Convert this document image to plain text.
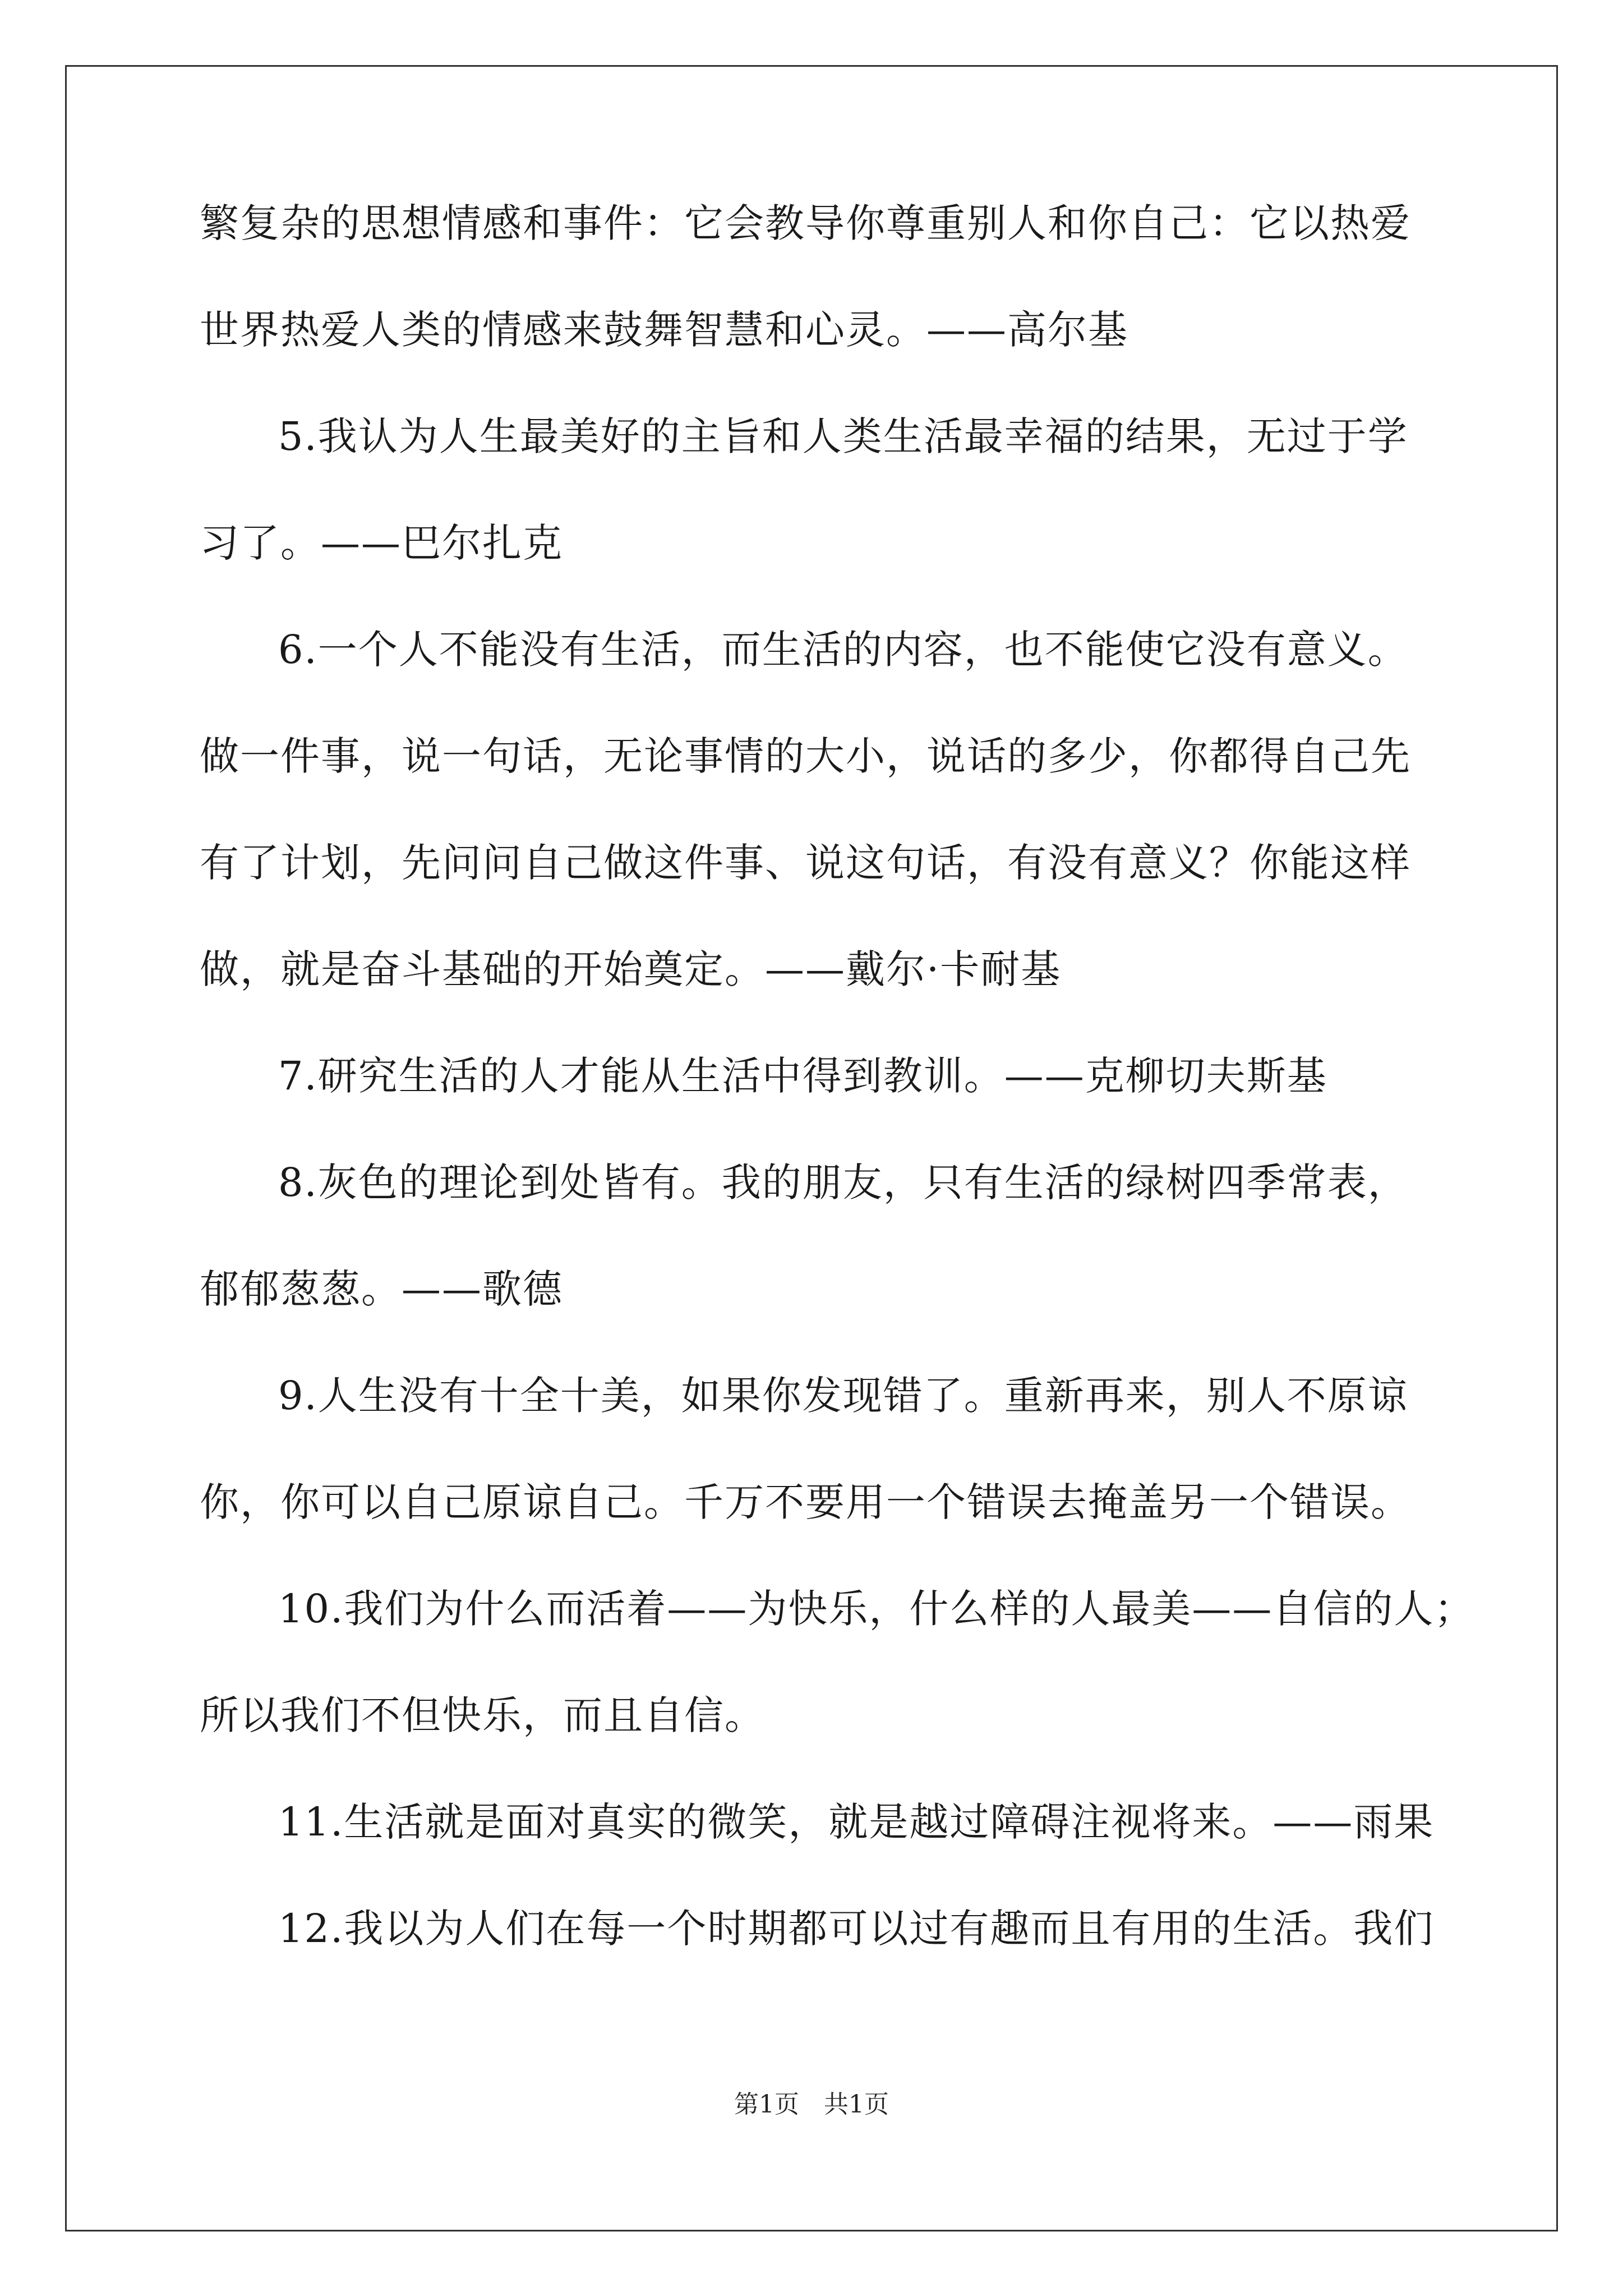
繁复杂的思想情感和事件：它会教导你尊重别人和你自己：它以热爱
世界热爱人类的情感来鼓舞智慧和心灵。——高尔基
5.我认为人生最美好的主旨和人类生活最幸福的结果，无过于学
习了。——巴尔扎克
6.一个人不能没有生活，而生活的内容，也不能使它没有意义。
做一件事，说一句话，无论事情的大小，说话的多少，你都得自己先
有了计划，先问问自己做这件事、说这句话，有没有意义？你能这样
做，就是奋斗基础的开始奠定。——戴尔·卡耐基
7.研究生活的人才能从生活中得到教训。——克柳切夫斯基
8.灰色的理论到处皆有。我的朋友，只有生活的绿树四季常表，
郁郁葱葱。——歌德
9.人生没有十全十美，如果你发现错了。重新再来，别人不原谅
你，你可以自己原谅自己。千万不要用一个错误去掩盖另一个错误。
10.我们为什么而活着——为快乐，什么样的人最美——自信的人；
所以我们不但快乐，而且自信。
11.生活就是面对真实的微笑，就是越过障碍注视将来。——雨果
12.我以为人们在每一个时期都可以过有趣而且有用的生活。我们
第1页　共1页
